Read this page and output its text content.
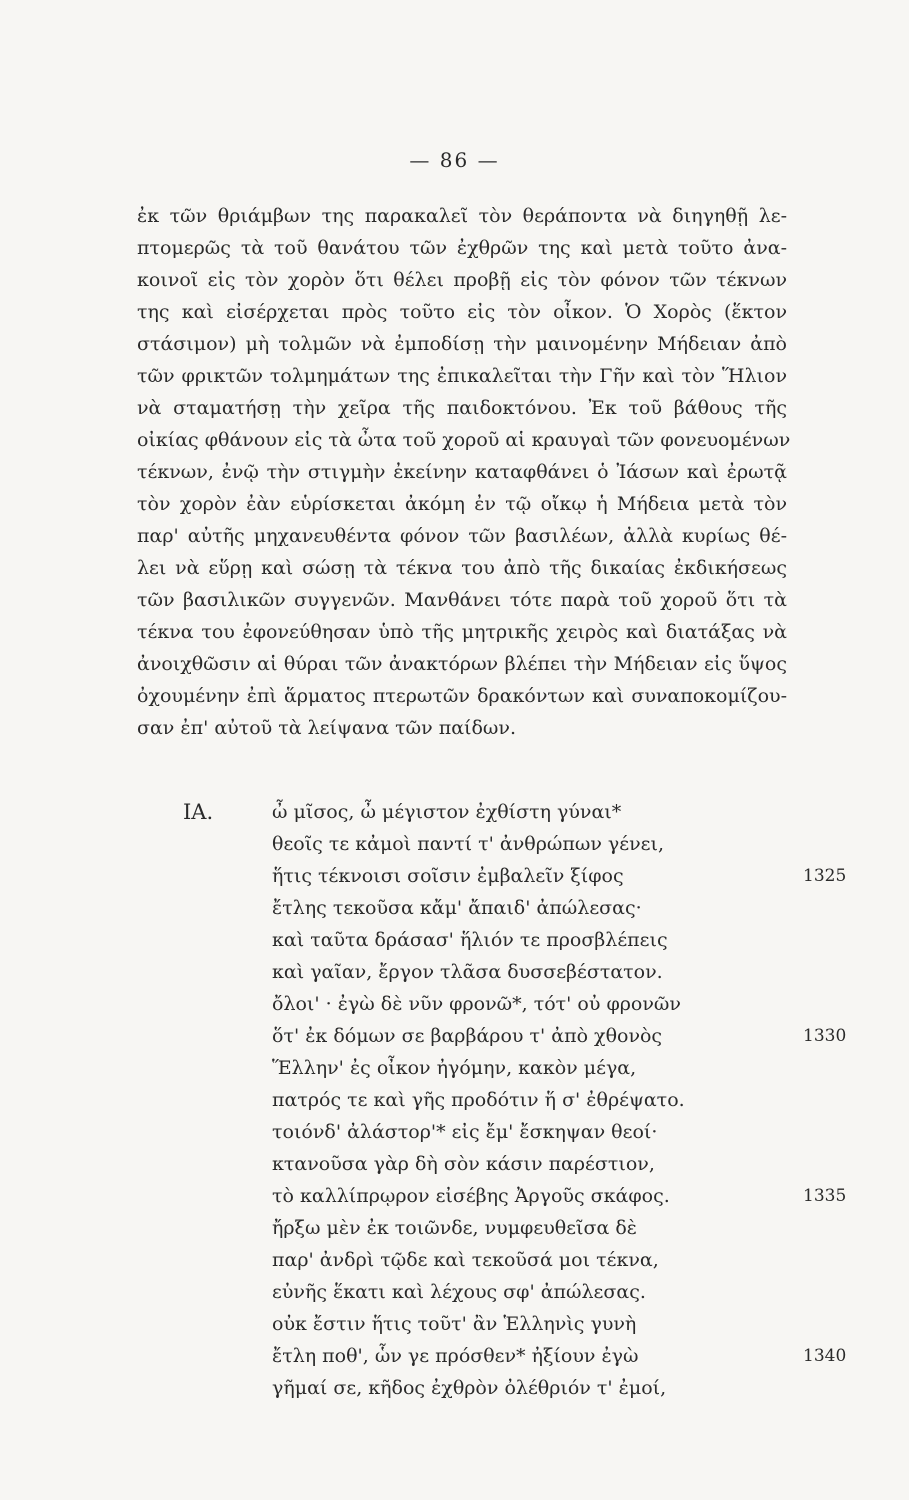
— 86 —
ἐκ τῶν θριάμβων της παρακαλεῖ τὸν θεράποντα νὰ διηγηθῇ λε-
πτομερῶς τὰ τοῦ θανάτου τῶν ἐχθρῶν της καὶ μετὰ τοῦτο ἀνα-
κοινοῖ εἰς τὸν χορὸν ὅτι θέλει προβῇ εἰς τὸν φόνον τῶν τέκνων
της καὶ εἰσέρχεται πρὸς τοῦτο εἰς τὸν οἶκον. Ὁ Χορὸς (ἕκτον
στάσιμον) μὴ τολμῶν νὰ ἐμποδίσῃ τὴν μαινομένην Μήδειαν ἀπὸ
τῶν φρικτῶν τολμημάτων της ἐπικαλεῖται τὴν Γῆν καὶ τὸν Ἥλιον
νὰ σταματήσῃ τὴν χεῖρα τῆς παιδοκτόνου. Ἐκ τοῦ βάθους τῆς
οἰκίας φθάνουν εἰς τὰ ὦτα τοῦ χοροῦ αἱ κραυγαὶ τῶν φονευομένων
τέκνων, ἐνῷ τὴν στιγμὴν ἐκείνην καταφθάνει ὁ Ἰάσων καὶ ἐρωτᾷ
τὸν χορὸν ἐὰν εὑρίσκεται ἀκόμη ἐν τῷ οἴκῳ ἡ Μήδεια μετὰ τὸν
παρ' αὐτῆς μηχανευθέντα φόνον τῶν βασιλέων, ἀλλὰ κυρίως θέ-
λει νὰ εὕρῃ καὶ σώσῃ τὰ τέκνα του ἀπὸ τῆς δικαίας ἐκδικήσεως
τῶν βασιλικῶν συγγενῶν. Μανθάνει τότε παρὰ τοῦ χοροῦ ὅτι τὰ
τέκνα του ἐφονεύθησαν ὑπὸ τῆς μητρικῆς χειρὸς καὶ διατάξας νὰ
ἀνοιχθῶσιν αἱ θύραι τῶν ἀνακτόρων βλέπει τὴν Μήδειαν εἰς ὕψος
ὀχουμένην ἐπὶ ἅρματος πτερωτῶν δρακόντων καὶ συναποκομίζου-
σαν ἐπ' αὐτοῦ τὰ λείψανα τῶν παίδων.
ΙΑ.	ὦ μῖσος, ὦ μέγιστον ἐχθίστη γύναι*
θεοῖς τε κἀμοὶ παντί τ' ἀνθρώπων γένει,
ἥτις τέκνοισι σοῖσιν ἐμβαλεῖν ξίφος	1325
ἔτλης τεκοῦσα κἄμ' ἄπαιδ' ἀπώλεσας·
καὶ ταῦτα δράσασ' ἥλιόν τε προσβλέπεις
καὶ γαῖαν, ἔργον τλᾶσα δυσσεβέστατον.
ὄλοι' · ἐγὼ δὲ νῦν φρονῶ*, τότ' οὐ φρονῶν
ὅτ' ἐκ δόμων σε βαρβάρου τ' ἀπὸ χθονὸς	1330
Ἕλλην' ἐς οἶκον ἠγόμην, κακὸν μέγα,
πατρός τε καὶ γῆς προδότιν ἥ σ' ἐθρέψατο.
τοιόνδ' ἀλάστορ'* εἰς ἔμ' ἔσκηψαν θεοί·
κτανοῦσα γὰρ δὴ σὸν κάσιν παρέστιον,
τὸ καλλίπρῳρον εἰσέβης Ἀργοῦς σκάφος.	1335
ἤρξω μὲν ἐκ τοιῶνδε, νυμφευθεῖσα δὲ
παρ' ἀνδρὶ τῷδε καὶ τεκοῦσά μοι τέκνα,
εὐνῆς ἕκατι καὶ λέχους σφ' ἀπώλεσας.
οὐκ ἔστιν ἥτις τοῦτ' ἂν Ἑλληνὶς γυνὴ
ἔτλη ποθ', ὧν γε πρόσθεν* ἠξίουν ἐγὼ	1340
γῆμαί σε, κῆδος ἐχθρὸν ὀλέθριόν τ' ἐμοί,
